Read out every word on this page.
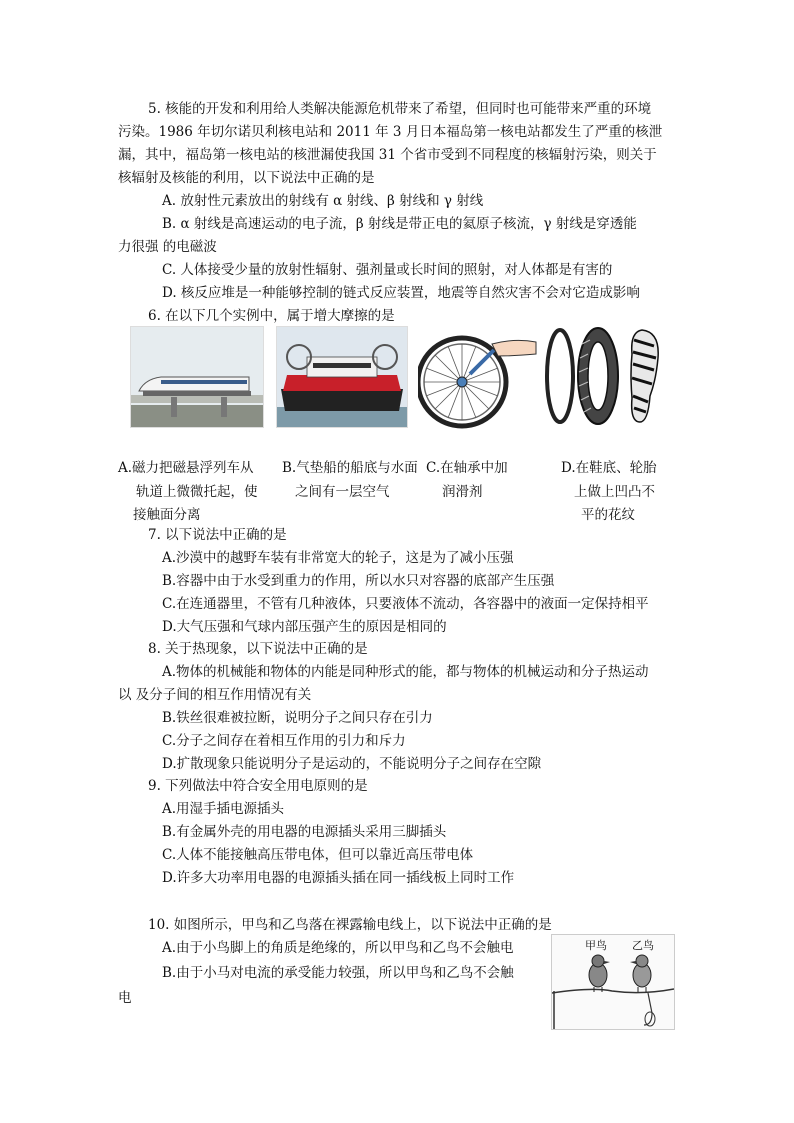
5. 核能的开发和利用给人类解决能源危机带来了希望，但同时也可能带来严重的环境
污染。1986 年切尔诺贝利核电站和 2011 年 3 月日本福岛第一核电站都发生了严重的核泄
漏，其中，福岛第一核电站的核泄漏使我国 31 个省市受到不同程度的核辐射污染，则关于
核辐射及核能的利用，以下说法中正确的是
A. 放射性元素放出的射线有 α 射线、β 射线和 γ 射线
B. α 射线是高速运动的电子流，β 射线是带正电的氦原子核流，γ 射线是穿透能
力很强 的电磁波
C. 人体接受少量的放射性辐射、强剂量或长时间的照射，对人体都是有害的
D. 核反应堆是一种能够控制的链式反应装置，地震等自然灾害不会对它造成影响
6. 在以下几个实例中，属于增大摩擦的是
A.磁力把磁悬浮列车从
轨道上微微托起，使
接触面分离
B.气垫船的船底与水面
之间有一层空气
C.在轴承中加
润滑剂
D.在鞋底、轮胎
上做上凹凸不
平的花纹
7. 以下说法中正确的是
A.沙漠中的越野车装有非常宽大的轮子，这是为了减小压强
B.容器中由于水受到重力的作用，所以水只对容器的底部产生压强
C.在连通器里，不管有几种液体，只要液体不流动，各容器中的液面一定保持相平
D.大气压强和气球内部压强产生的原因是相同的
8. 关于热现象，以下说法中正确的是
A.物体的机械能和物体的内能是同种形式的能，都与物体的机械运动和分子热运动
以 及分子间的相互作用情况有关
B.铁丝很难被拉断，说明分子之间只存在引力
C.分子之间存在着相互作用的引力和斥力
D.扩散现象只能说明分子是运动的，不能说明分子之间存在空隙
9. 下列做法中符合安全用电原则的是
A.用湿手插电源插头
B.有金属外壳的用电器的电源插头采用三脚插头
C.人体不能接触高压带电体，但可以靠近高压带电体
D.许多大功率用电器的电源插头插在同一插线板上同时工作
10. 如图所示，甲鸟和乙鸟落在裸露输电线上，以下说法中正确的是
A.由于小鸟脚上的角质是绝缘的，所以甲鸟和乙鸟不会触电
B.由于小马对电流的承受能力较强，所以甲鸟和乙鸟不会触
电
甲鸟 乙鸟
